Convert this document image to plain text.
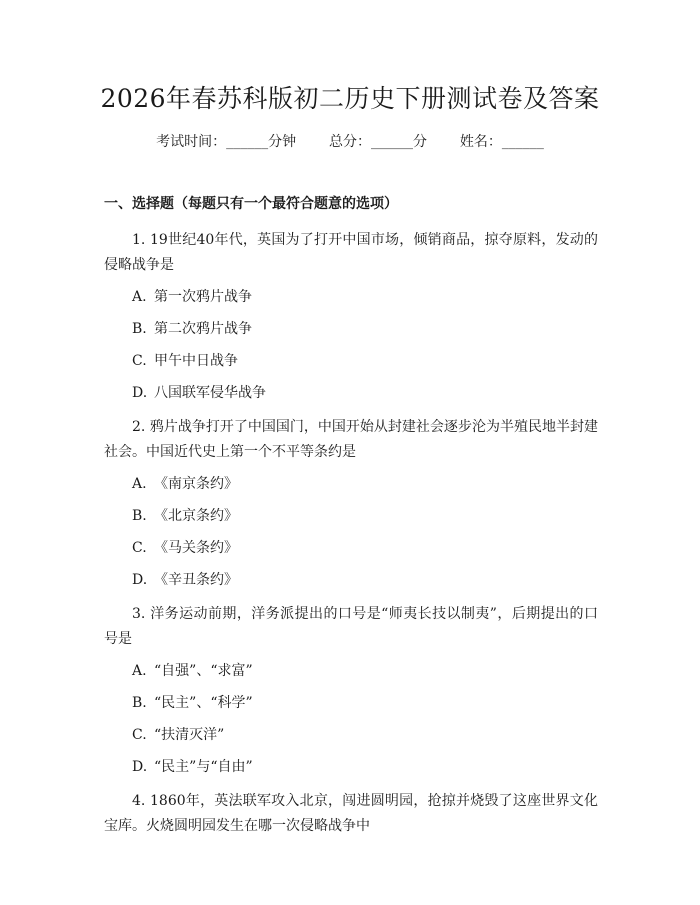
2026年春苏科版初二历史下册测试卷及答案
考试时间：______分钟 总分：______分 姓名：______
一、选择题（每题只有一个最符合题意的选项）

1. 19世纪40年代，英国为了打开中国市场，倾销商品，掠夺原料，发动的侵略战争是

A. 第一次鸦片战争
B. 第二次鸦片战争
C. 甲午中日战争
D. 八国联军侵华战争

2. 鸦片战争打开了中国国门，中国开始从封建社会逐步沦为半殖民地半封建社会。中国近代史上第一个不平等条约是

A. 《南京条约》
B. 《北京条约》
C. 《马关条约》
D. 《辛丑条约》

3. 洋务运动前期，洋务派提出的口号是“师夷长技以制夷”，后期提出的口号是

A. “自强”、“求富”
B. “民主”、“科学”
C. “扶清灭洋”
D. “民主”与“自由”

4. 1860年，英法联军攻入北京，闯进圆明园，抢掠并烧毁了这座世界文化宝库。火烧圆明园发生在哪一次侵略战争中
